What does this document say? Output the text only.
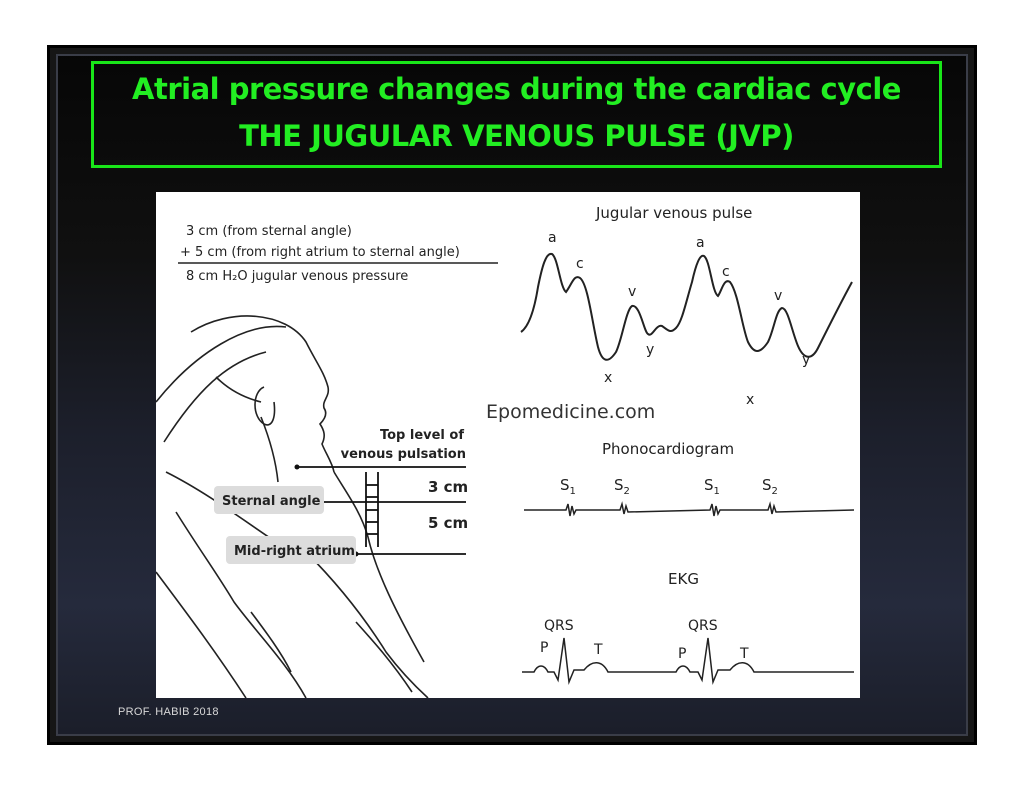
Atrial pressure changes during the cardiac cycle
THE JUGULAR VENOUS PULSE (JVP)
3 cm (from sternal angle)
+ 5 cm (from right atrium to sternal angle)
8 cm H₂O jugular venous pressure
Top level of
venous pulsation
3 cm
5 cm
Sternal angle
Mid-right atrium
Jugular venous pulse
a
c
v
y
x
a
c
v
y
x
Epomedicine.com
Phonocardiogram
$S_1$	$S_2$	$S_1$	$S_2$
EKG
QRS
P	T
QRS
P	T
PROF. HABIB 2018
